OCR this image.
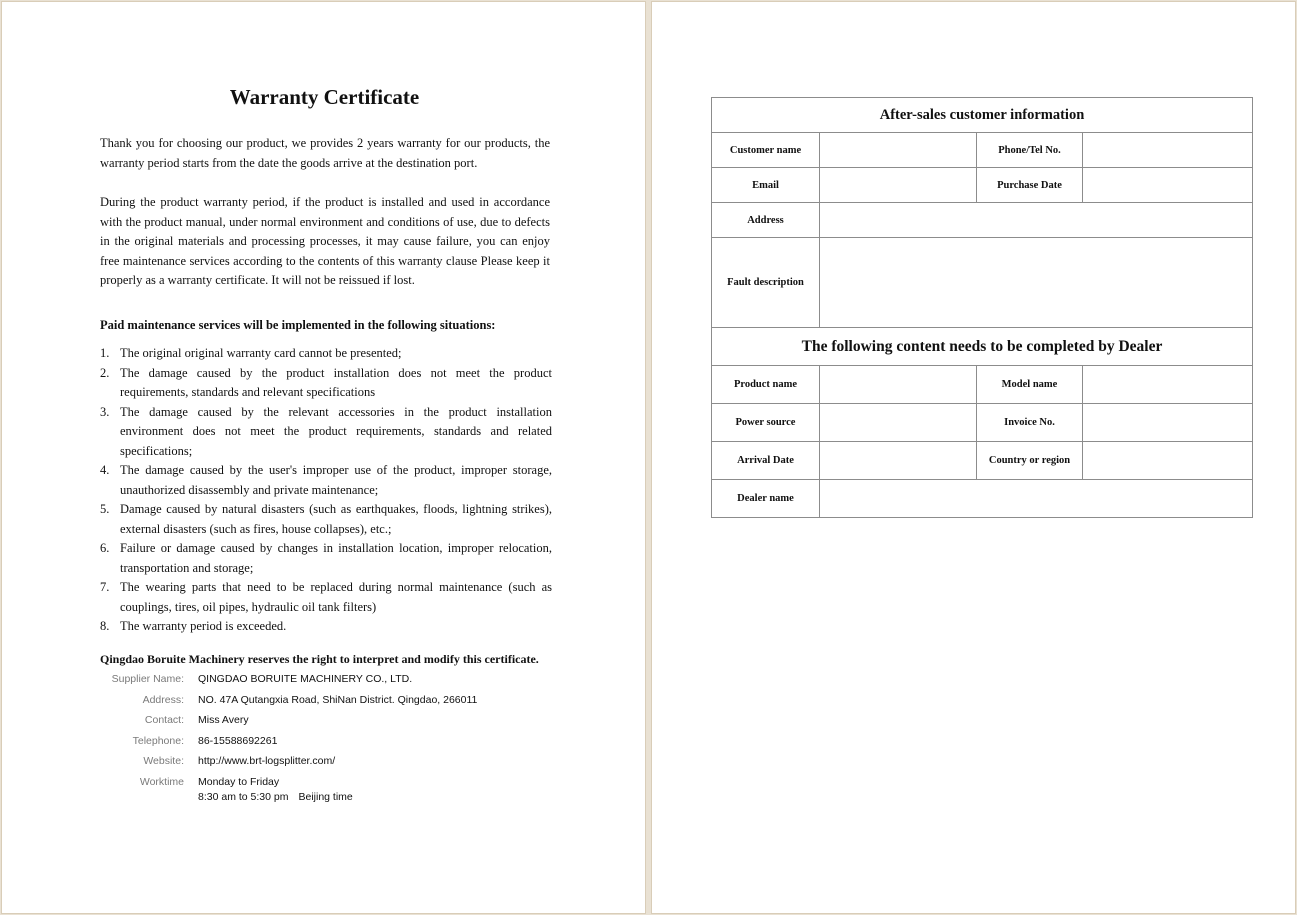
Warranty Certificate

Thank you for choosing our product, we provides 2 years warranty for our products, the warranty period starts from the date the goods arrive at the destination port.

During the product warranty period, if the product is installed and used in accordance with the product manual, under normal environment and conditions of use, due to defects in the original materials and processing processes, it may cause failure, you can enjoy free maintenance services according to the contents of this warranty clause Please keep it properly as a warranty certificate. It will not be reissued if lost.

Paid maintenance services will be implemented in the following situations:
1. The original original warranty card cannot be presented;
2. The damage caused by the product installation does not meet the product requirements, standards and relevant specifications
3. The damage caused by the relevant accessories in the product installation environment does not meet the product requirements, standards and related specifications;
4. The damage caused by the user's improper use of the product, improper storage, unauthorized disassembly and private maintenance;
5. Damage caused by natural disasters (such as earthquakes, floods, lightning strikes), external disasters (such as fires, house collapses), etc.;
6. Failure or damage caused by changes in installation location, improper relocation, transportation and storage;
7. The wearing parts that need to be replaced during normal maintenance (such as couplings, tires, oil pipes, hydraulic oil tank filters)
8. The warranty period is exceeded.
Qingdao Boruite Machinery reserves the right to interpret and modify this certificate.
Supplier Name:	QINGDAO BORUITE MACHINERY CO., LTD.
Address:	NO. 47A Qutangxia Road, ShiNan District. Qingdao, 266011
Contact:	Miss Avery
Telephone:	86-15588692261
Website:	http://www.brt-logsplitter.com/
Worktime	Monday to Friday
8:30 am to 5:30 pm Beijing time
After-sales customer information			
Customer name		Phone/Tel No.	
Email		Purchase Date	
Address			
Fault description			
The following content needs to be completed by Dealer			
Product name		Model name	
Power source		Invoice No.	
Arrival Date		Country or region	
Dealer name			
